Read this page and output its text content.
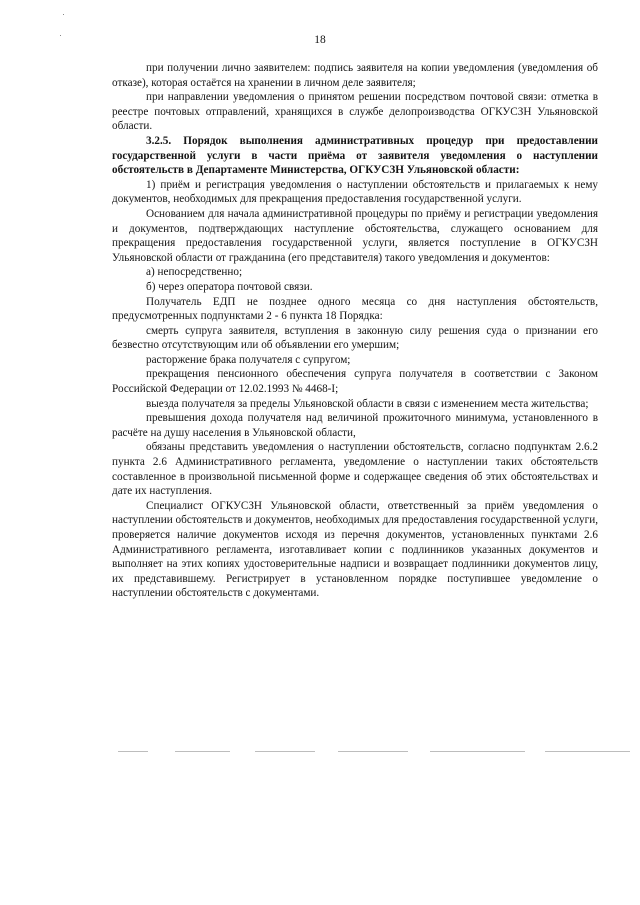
18

при получении лично заявителем: подпись заявителя на копии уведомления (уведомления об отказе), которая остаётся на хранении в личном деле заявителя;

при направлении уведомления о принятом решении посредством почтовой связи: отметка в реестре почтовых отправлений, хранящихся в службе делопроизводства ОГКУСЗН Ульяновской области.

3.2.5. Порядок выполнения административных процедур при предоставлении государственной услуги в части приёма от заявителя уведомления о наступлении обстоятельств в Департаменте Министерства, ОГКУСЗН Ульяновской области:

1) приём и регистрация уведомления о наступлении обстоятельств и прилагаемых к нему документов, необходимых для прекращения предоставления государственной услуги.

Основанием для начала административной процедуры по приёму и регистрации уведомления и документов, подтверждающих наступление обстоятельства, служащего основанием для прекращения предоставления государственной услуги, является поступление в ОГКУСЗН Ульяновской области от гражданина (его представителя) такого уведомления и документов:

а) непосредственно;

б) через оператора почтовой связи.

Получатель ЕДП не позднее одного месяца со дня наступления обстоятельств, предусмотренных подпунктами 2 - 6 пункта 18 Порядка:

смерть супруга заявителя, вступления в законную силу решения суда о признании его безвестно отсутствующим или об объявлении его умершим;

расторжение брака получателя с супругом;

прекращения пенсионного обеспечения супруга получателя в соответствии с Законом Российской Федерации от 12.02.1993 № 4468-I;

выезда получателя за пределы Ульяновской области в связи с изменением места жительства;

превышения дохода получателя над величиной прожиточного минимума, установленного в расчёте на душу населения в Ульяновской области,

обязаны представить уведомления о наступлении обстоятельств, согласно подпунктам 2.6.2 пункта 2.6 Административного регламента, уведомление о наступлении таких обстоятельств составленное в произвольной письменной форме и содержащее сведения об этих обстоятельствах и дате их наступления.

Специалист ОГКУСЗН Ульяновской области, ответственный за приём уведомления о наступлении обстоятельств и документов, необходимых для предоставления государственной услуги, проверяется наличие документов исходя из перечня документов, установленных пунктами 2.6 Административного регламента, изготавливает копии с подлинников указанных документов и выполняет на этих копиях удостоверительные надписи и возвращает подлинники документов лицу, их представившему. Регистрирует в установленном порядке поступившее уведомление о наступлении обстоятельств с документами.
